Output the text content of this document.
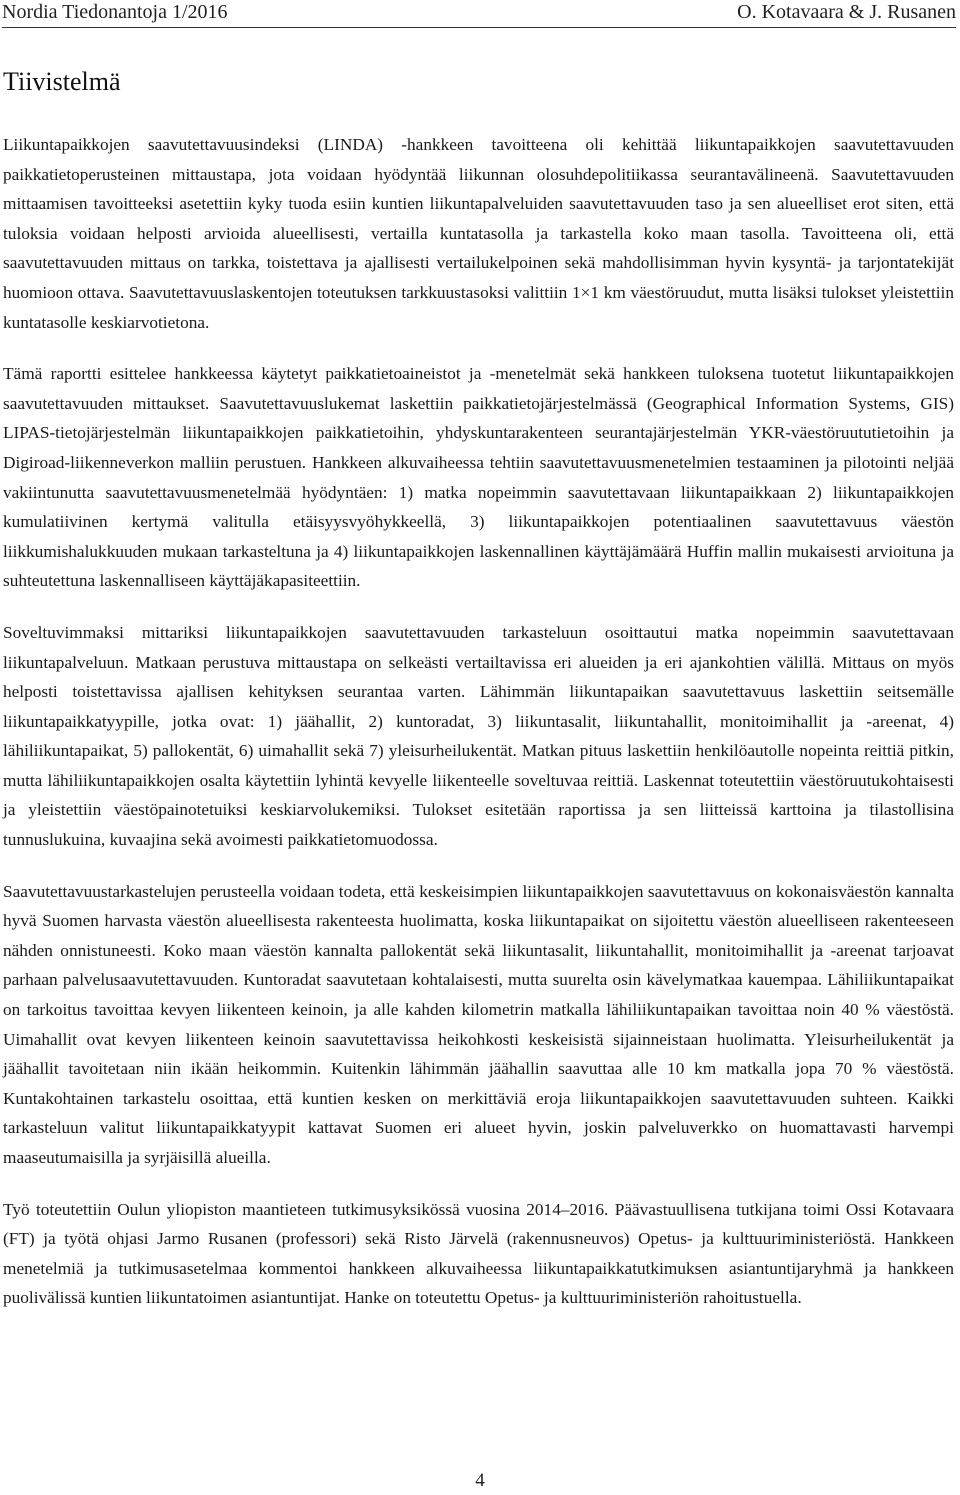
Nordia Tiedonantoja 1/2016	O. Kotavaara & J. Rusanen
Tiivistelmä

Liikuntapaikkojen saavutettavuusindeksi (LINDA) -hankkeen tavoitteena oli kehittää liikuntapaikkojen saavutettavuuden paikkatietoperusteinen mittaustapa, jota voidaan hyödyntää liikunnan olosuhdepolitiikassa seurantavälineenä. Saavutettavuuden mittaamisen tavoitteeksi asetettiin kyky tuoda esiin kuntien liikuntapalveluiden saavutettavuuden taso ja sen alueelliset erot siten, että tuloksia voidaan helposti arvioida alueellisesti, vertailla kuntatasolla ja tarkastella koko maan tasolla. Tavoitteena oli, että saavutettavuuden mittaus on tarkka, toistettava ja ajallisesti vertailukelpoinen sekä mahdollisimman hyvin kysyntä- ja tarjontatekijät huomioon ottava. Saavutettavuuslaskentojen toteutuksen tarkkuustasoksi valittiin 1×1 km väestöruudut, mutta lisäksi tulokset yleistettiin kuntatasolle keskiarvotietona.

Tämä raportti esittelee hankkeessa käytetyt paikkatietoaineistot ja -menetelmät sekä hankkeen tuloksena tuotetut liikuntapaikkojen saavutettavuuden mittaukset. Saavutettavuuslukemat laskettiin paikkatietojärjestelmässä (Geographical Information Systems, GIS) LIPAS-tietojärjestelmän liikuntapaikkojen paikkatietoihin, yhdyskuntarakenteen seurantajärjestelmän YKR-väestöruututietoihin ja Digiroad-liikenneverkon malliin perustuen. Hankkeen alkuvaiheessa tehtiin saavutettavuusmenetelmien testaaminen ja pilotointi neljää vakiintunutta saavutettavuusmenetelmää hyödyntäen: 1) matka nopeimmin saavutettavaan liikuntapaikkaan 2) liikuntapaikkojen kumulatiivinen kertymä valitulla etäisyysvyöhykkeellä, 3) liikuntapaikkojen potentiaalinen saavutettavuus väestön liikkumishalukkuuden mukaan tarkasteltuna ja 4) liikuntapaikkojen laskennallinen käyttäjämäärä Huffin mallin mukaisesti arvioituna ja suhteutettuna laskennalliseen käyttäjäkapasiteettiin.

Soveltuvimmaksi mittariksi liikuntapaikkojen saavutettavuuden tarkasteluun osoittautui matka nopeimmin saavutettavaan liikuntapalveluun. Matkaan perustuva mittaustapa on selkeästi vertailtavissa eri alueiden ja eri ajankohtien välillä. Mittaus on myös helposti toistettavissa ajallisen kehityksen seurantaa varten. Lähimmän liikuntapaikan saavutettavuus laskettiin seitsemälle liikuntapaikkatyypille, jotka ovat: 1) jäähallit, 2) kuntoradat, 3) liikuntasalit, liikuntahallit, monitoimihallit ja -areenat, 4) lähiliikuntapaikat, 5) pallokentät, 6) uimahallit sekä 7) yleisurheilukentät. Matkan pituus laskettiin henkilöautolle nopeinta reittiä pitkin, mutta lähiliikuntapaikkojen osalta käytettiin lyhintä kevyelle liikenteelle soveltuvaa reittiä. Laskennat toteutettiin väestöruutukohtaisesti ja yleistettiin väestöpainotetuiksi keskiarvolukemiksi. Tulokset esitetään raportissa ja sen liitteissä karttoina ja tilastollisina tunnuslukuina, kuvaajina sekä avoimesti paikkatietomuodossa.

Saavutettavuustarkastelujen perusteella voidaan todeta, että keskeisimpien liikuntapaikkojen saavutettavuus on kokonaisväestön kannalta hyvä Suomen harvasta väestön alueellisesta rakenteesta huolimatta, koska liikuntapaikat on sijoitettu väestön alueelliseen rakenteeseen nähden onnistuneesti. Koko maan väestön kannalta pallokentät sekä liikuntasalit, liikuntahallit, monitoimihallit ja -areenat tarjoavat parhaan palvelusaavutettavuuden. Kuntoradat saavutetaan kohtalaisesti, mutta suurelta osin kävelymatkaa kauempaa. Lähiliikuntapaikat on tarkoitus tavoittaa kevyen liikenteen keinoin, ja alle kahden kilometrin matkalla lähiliikuntapaikan tavoittaa noin 40 % väestöstä. Uimahallit ovat kevyen liikenteen keinoin saavutettavissa heikohkosti keskeisistä sijainneistaan huolimatta. Yleisurheilukentät ja jäähallit tavoitetaan niin ikään heikommin. Kuitenkin lähimmän jäähallin saavuttaa alle 10 km matkalla jopa 70 % väestöstä. Kuntakohtainen tarkastelu osoittaa, että kuntien kesken on merkittäviä eroja liikuntapaikkojen saavutettavuuden suhteen. Kaikki tarkasteluun valitut liikuntapaikkatyypit kattavat Suomen eri alueet hyvin, joskin palveluverkko on huomattavasti harvempi maaseutumaisilla ja syrjäisillä alueilla.

Työ toteutettiin Oulun yliopiston maantieteen tutkimusyksikössä vuosina 2014–2016. Päävastuullisena tutkijana toimi Ossi Kotavaara (FT) ja työtä ohjasi Jarmo Rusanen (professori) sekä Risto Järvelä (rakennusneuvos) Opetus- ja kulttuuriministeriöstä. Hankkeen menetelmiä ja tutkimusasetelmaa kommentoi hankkeen alkuvaiheessa liikuntapaikkatutkimuksen asiantuntijaryhmä ja hankkeen puolivälissä kuntien liikuntatoimen asiantuntijat. Hanke on toteutettu Opetus- ja kulttuuriministeriön rahoitustuella.

4
